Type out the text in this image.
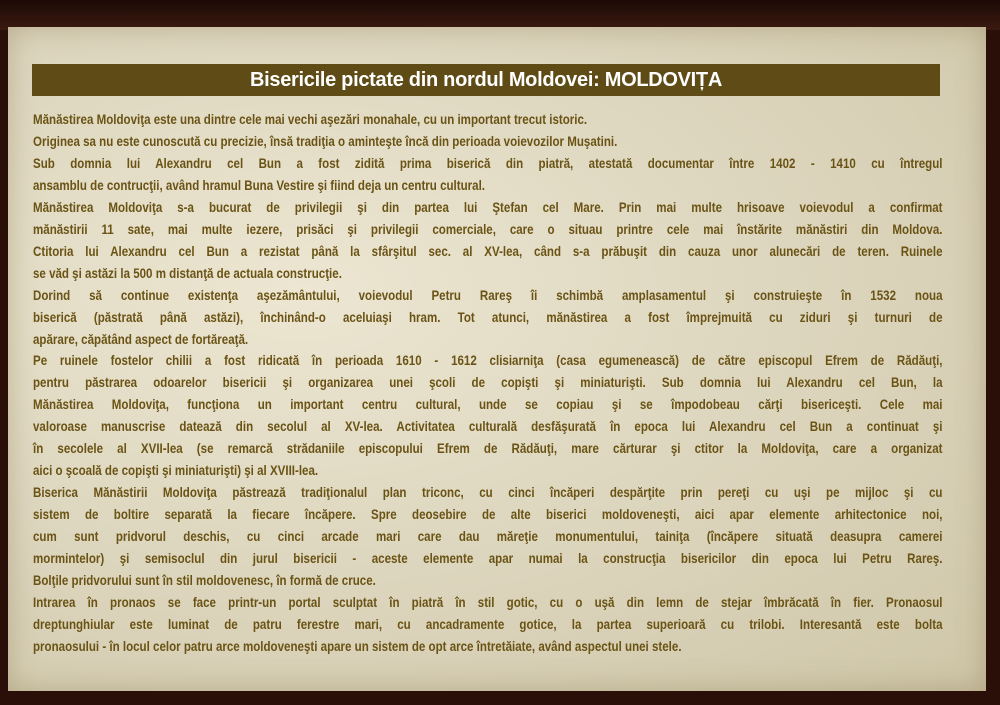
Bisericile pictate din nordul Moldovei: MOLDOVIȚA
Mănăstirea Moldoviţa este una dintre cele mai vechi aşezări monahale, cu un important trecut istoric.
Originea sa nu este cunoscută cu precizie, însă tradiţia o aminteşte încă din perioada voievozilor Muşatini.
Sub domnia lui Alexandru cel Bun a fost zidită prima biserică din piatră, atestată documentar între 1402 - 1410 cu întregul
ansamblu de contrucţii, având hramul Buna Vestire şi fiind deja un centru cultural.
Mănăstirea Moldoviţa s-a bucurat de privilegii şi din partea lui Ştefan cel Mare. Prin mai multe hrisoave voievodul a confirmat
mănăstirii 11 sate, mai multe iezere, prisăci şi privilegii comerciale, care o situau printre cele mai înstărite mănăstiri din Moldova.
Ctitoria lui Alexandru cel Bun a rezistat până la sfârşitul sec. al XV-lea, când s-a prăbuşit din cauza unor alunecări de teren. Ruinele
se văd şi astăzi la 500 m distanţă de actuala construcţie.
Dorind să continue existenţa aşezământului, voievodul Petru Rareş îi schimbă amplasamentul şi construieşte în 1532 noua
biserică (păstrată până astăzi), închinând-o aceluiaşi hram. Tot atunci, mănăstirea a fost împrejmuită cu ziduri şi turnuri de
apărare, căpătând aspect de fortăreaţă.
Pe ruinele fostelor chilii a fost ridicată în perioada 1610 - 1612 clisiarniţa (casa egumenească) de către episcopul Efrem de Rădăuţi,
pentru păstrarea odoarelor bisericii şi organizarea unei şcoli de copişti şi miniaturişti. Sub domnia lui Alexandru cel Bun, la
Mănăstirea Moldoviţa, funcţiona un important centru cultural, unde se copiau şi se împodobeau cărţi bisericeşti. Cele mai
valoroase manuscrise datează din secolul al XV-lea. Activitatea culturală desfăşurată în epoca lui Alexandru cel Bun a continuat şi
în secolele al XVII-lea (se remarcă strădaniile episcopului Efrem de Rădăuţi, mare cărturar şi ctitor la Moldoviţa, care a organizat
aici o şcoală de copişti şi miniaturişti) şi al XVIII-lea.
Biserica Mănăstirii Moldoviţa păstrează tradiţionalul plan triconc, cu cinci încăperi despărţite prin pereţi cu uşi pe mijloc şi cu
sistem de boltire separată la fiecare încăpere. Spre deosebire de alte biserici moldoveneşti, aici apar elemente arhitectonice noi,
cum sunt pridvorul deschis, cu cinci arcade mari care dau măreţie monumentului, tainiţa (încăpere situată deasupra camerei
mormintelor) şi semisoclul din jurul bisericii - aceste elemente apar numai la construcţia bisericilor din epoca lui Petru Rareş.
Bolţile pridvorului sunt în stil moldovenesc, în formă de cruce.
Intrarea în pronaos se face printr-un portal sculptat în piatră în stil gotic, cu o uşă din lemn de stejar îmbrăcată în fier. Pronaosul
dreptunghiular este luminat de patru ferestre mari, cu ancadramente gotice, la partea superioară cu trilobi. Interesantă este bolta
pronaosului - în locul celor patru arce moldoveneşti apare un sistem de opt arce întretăiate, având aspectul unei stele.
